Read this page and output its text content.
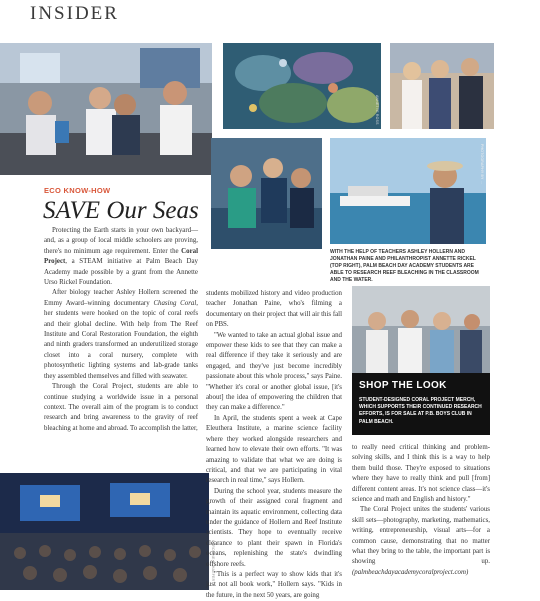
INSIDER
ANNETTE ROSS
PHOTOGRAPHY BY ...
WITH THE HELP OF TEACHERS ASHLEY HOLLERN AND JONATHAN PAINE AND PHILANTHROPIST ANNETTE RICKEL (TOP RIGHT), PALM BEACH DAY ACADEMY STUDENTS ARE ABLE TO RESEARCH REEF BLEACHING IN THE CLASSROOM AND THE WATER.
SHOP THE LOOK
STUDENT-DESIGNED CORAL PROJECT MERCH, WHICH SUPPORTS THEIR CONTINUED RESEARCH EFFORTS, IS FOR SALE AT P.B. BOYS CLUB IN PALM BEACH.
CAROLINE SCHAEFER
ECO KNOW-HOW
SAVE Our Seas

Protecting the Earth starts in your own backyard—and, as a group of local middle schoolers are proving, there's no minimum age requirement. Enter the Coral Project, a STEAM initiative at Palm Beach Day Academy made possible by a grant from the Annette Urso Rickel Foundation.

After biology teacher Ashley Hollern screened the Emmy Award–winning documentary Chasing Coral, her students were hooked on the topic of coral reefs and their global decline. With help from The Reef Institute and Coral Restoration Foundation, the eighth and ninth graders transformed an underutilized storage closet into a coral nursery, complete with photosynthetic lighting systems and lab-grade tanks they assembled themselves and filled with seawater.

Through the Coral Project, students are able to continue studying a worldwide issue in a personal context. The overall aim of the program is to conduct research and bring awareness to the gravity of reef bleaching at home and abroad. To accomplish the latter,

students mobilized history and video production teacher Jonathan Paine, who's filming a documentary on their project that will air this fall on PBS.

"We wanted to take an actual global issue and empower these kids to see that they can make a real difference if they take it seriously and are engaged, and they've just become incredibly passionate about this whole process," says Paine. "Whether it's coral or another global issue, [it's about] the idea of empowering the children that they can make a difference."

In April, the students spent a week at Cape Eleuthera Institute, a marine science facility where they worked alongside researchers and learned how to elevate their own efforts. "It was amazing to validate that what we are doing is critical, and that we are participating in vital research in real time," says Hollern.

During the school year, students measure the growth of their assigned coral fragment and maintain its aquatic environment, collecting data under the guidance of Hollern and Reef Institute scientists. They hope to eventually receive clearance to plant their spawn in Florida's oceans, replenishing the state's dwindling offshore reefs.

"This is a perfect way to show kids that it's just not all book work," Hollern says. "Kids in the future, in the next 50 years, are going

to really need critical thinking and problem-solving skills, and I think this is a way to help them build those. They're exposed to situations where they have to really think and pull [from] different content areas. It's not science class—it's science and math and English and history."

The Coral Project unites the students' various skill sets—photography, marketing, mathematics, writing, entrepreneurship, visual arts—for a common cause, demonstrating that no matter what they bring to the table, the important part is showing up. (palmbeachdayacademycoralproject.com)
